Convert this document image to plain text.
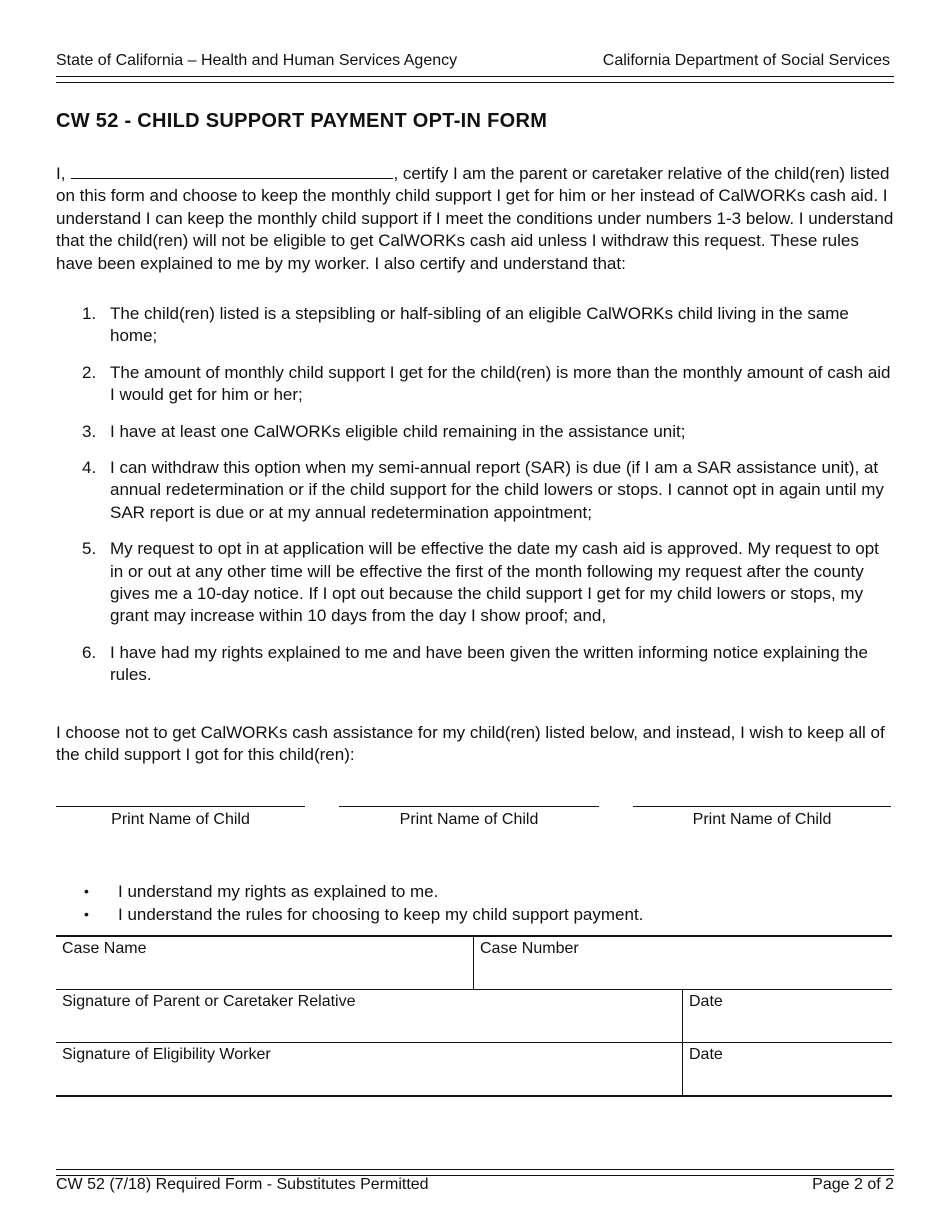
State of California – Health and Human Services Agency	California Department of Social Services
CW 52 - CHILD SUPPORT PAYMENT OPT-IN FORM
I,	, certify I am the parent or caretaker relative of the child(ren) listed on this form and choose to keep the monthly child support I get for him or her instead of CalWORKs cash aid. I understand I can keep the monthly child support if I meet the conditions under numbers 1-3 below. I understand that the child(ren) will not be eligible to get CalWORKs cash aid unless I withdraw this request. These rules have been explained to me by my worker. I also certify and understand that:
1. The child(ren) listed is a stepsibling or half-sibling of an eligible CalWORKs child living in the same home;
2. The amount of monthly child support I get for the child(ren) is more than the monthly amount of cash aid I would get for him or her;
3. I have at least one CalWORKs eligible child remaining in the assistance unit;
4. I can withdraw this option when my semi-annual report (SAR) is due (if I am a SAR assistance unit), at annual redetermination or if the child support for the child lowers or stops. I cannot opt in again until my SAR report is due or at my annual redetermination appointment;
5. My request to opt in at application will be effective the date my cash aid is approved. My request to opt in or out at any other time will be effective the first of the month following my request after the county gives me a 10-day notice. If I opt out because the child support I get for my child lowers or stops, my grant may increase within 10 days from the day I show proof; and,
6. I have had my rights explained to me and have been given the written informing notice explaining the rules.
I choose not to get CalWORKs cash assistance for my child(ren) listed below, and instead, I wish to keep all of the child support I got for this child(ren):
Print Name of Child	Print Name of Child	Print Name of Child
• I understand my rights as explained to me.
• I understand the rules for choosing to keep my child support payment.
Case Name	Case Number
Signature of Parent or Caretaker Relative	Date
Signature of Eligibility Worker	Date
CW 52 (7/18) Required Form - Substitutes Permitted	Page 2 of 2
